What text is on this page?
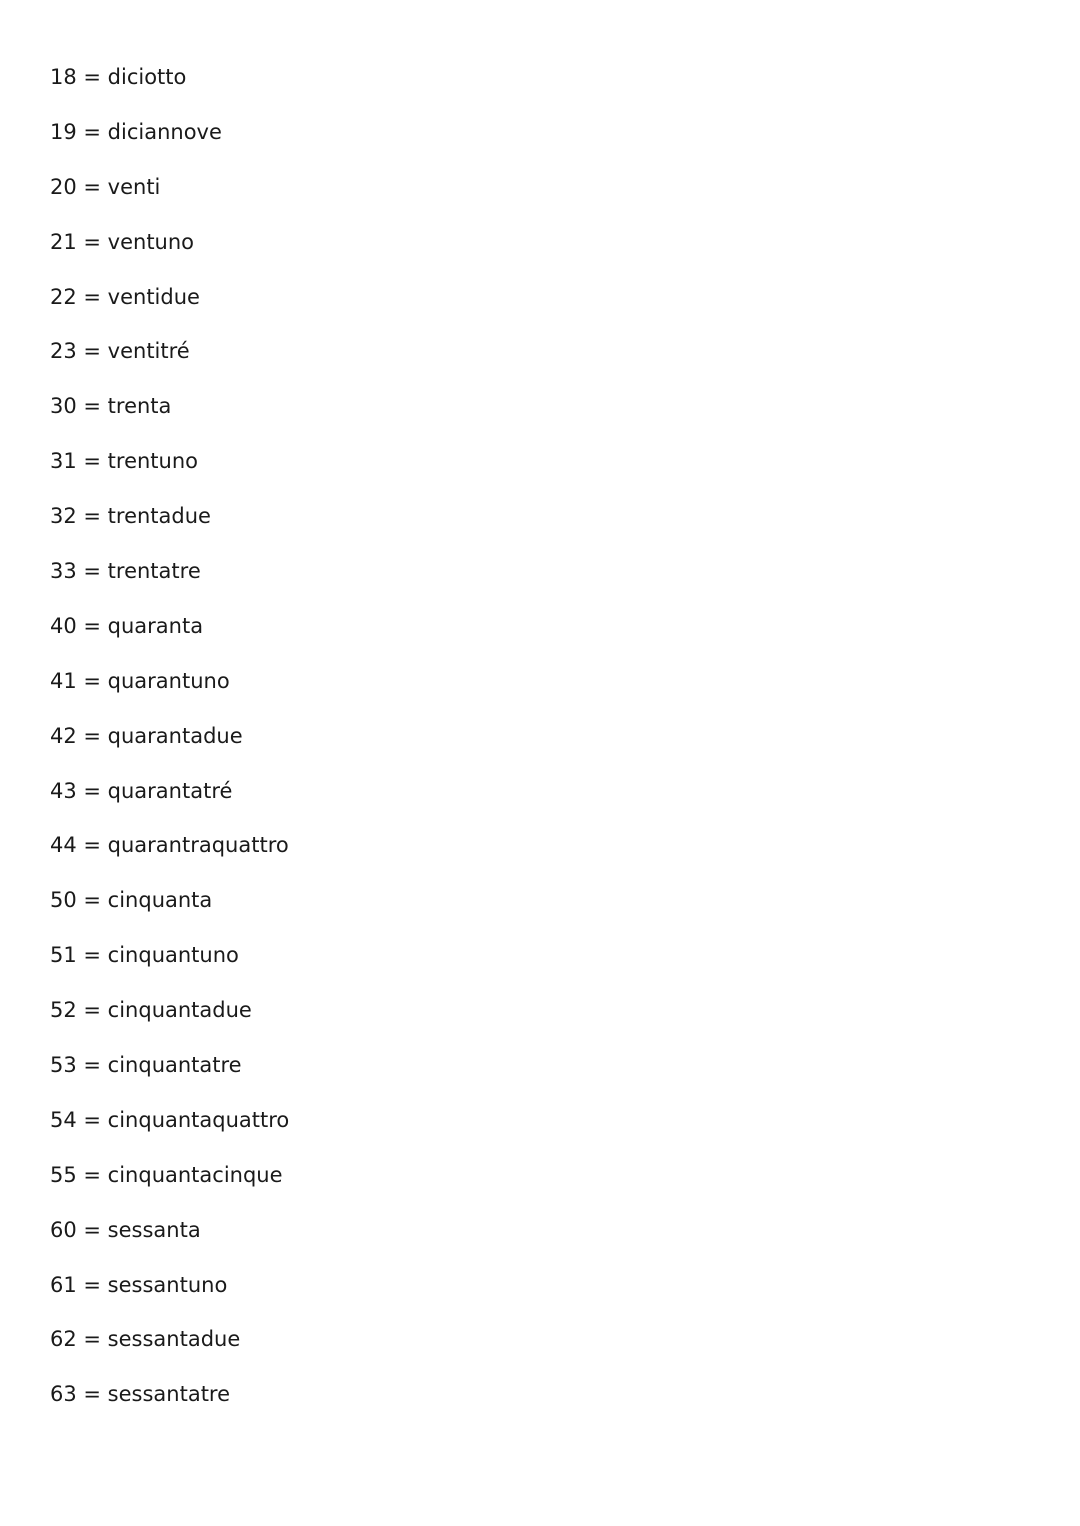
18 = diciotto
19 = diciannove
20 = venti
21 = ventuno
22 = ventidue
23 = ventitré
30 = trenta
31 = trentuno
32 = trentadue
33 = trentatre
40 = quaranta
41 = quarantuno
42 = quarantadue
43 = quarantatré
44 = quarantraquattro
50 = cinquanta
51 = cinquantuno
52 = cinquantadue
53 = cinquantatre
54 = cinquantaquattro
55 = cinquantacinque
60 = sessanta
61 = sessantuno
62 = sessantadue
63 = sessantatre
